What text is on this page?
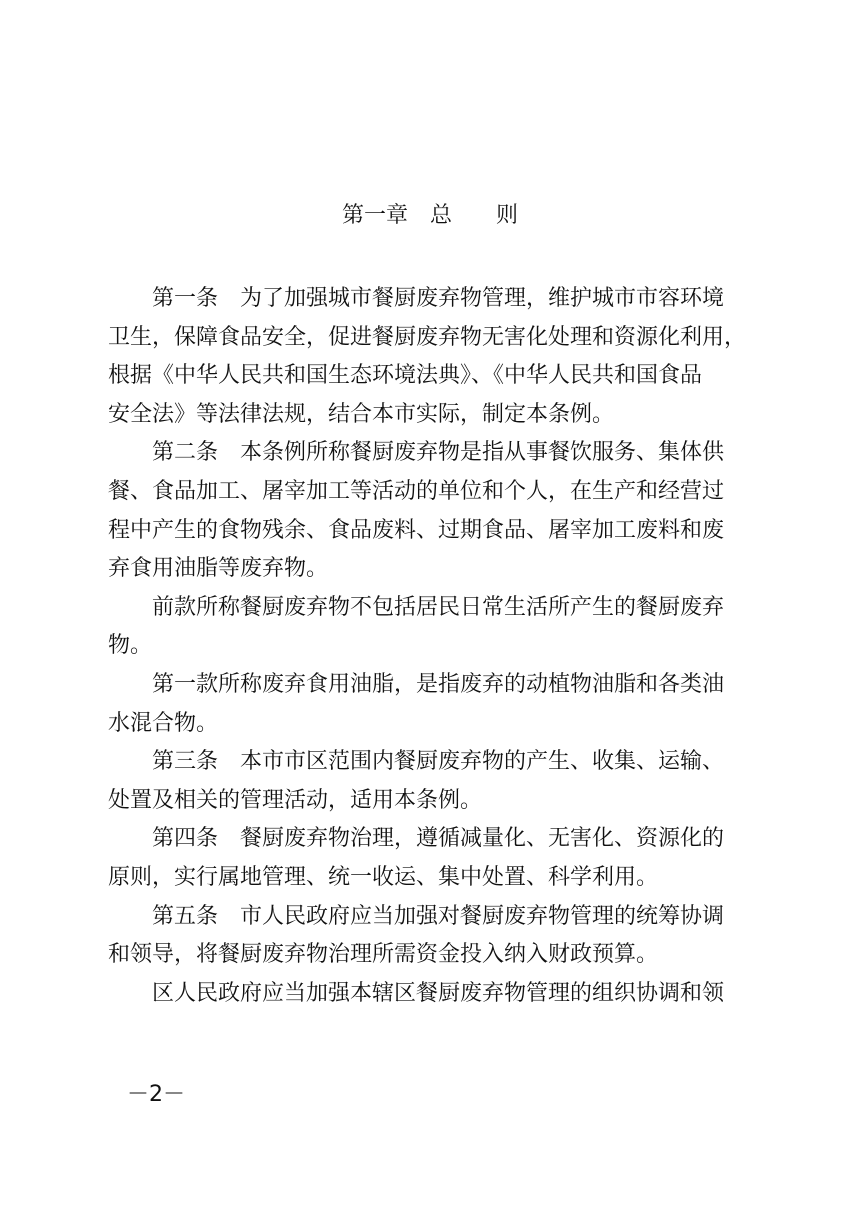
第一章　总　　则
第一条　为了加强城市餐厨废弃物管理，维护城市市容环境
卫生，保障食品安全，促进餐厨废弃物无害化处理和资源化利用，
根据《中华人民共和国生态环境法典》、《中华人民共和国食品
安全法》等法律法规，结合本市实际，制定本条例。
第二条　本条例所称餐厨废弃物是指从事餐饮服务、集体供
餐、食品加工、屠宰加工等活动的单位和个人，在生产和经营过
程中产生的食物残余、食品废料、过期食品、屠宰加工废料和废
弃食用油脂等废弃物。
前款所称餐厨废弃物不包括居民日常生活所产生的餐厨废弃
物。
第一款所称废弃食用油脂，是指废弃的动植物油脂和各类油
水混合物。
第三条　本市市区范围内餐厨废弃物的产生、收集、运输、
处置及相关的管理活动，适用本条例。
第四条　餐厨废弃物治理，遵循减量化、无害化、资源化的
原则，实行属地管理、统一收运、集中处置、科学利用。
第五条　市人民政府应当加强对餐厨废弃物管理的统筹协调
和领导，将餐厨废弃物治理所需资金投入纳入财政预算。
区人民政府应当加强本辖区餐厨废弃物管理的组织协调和领
－2－
